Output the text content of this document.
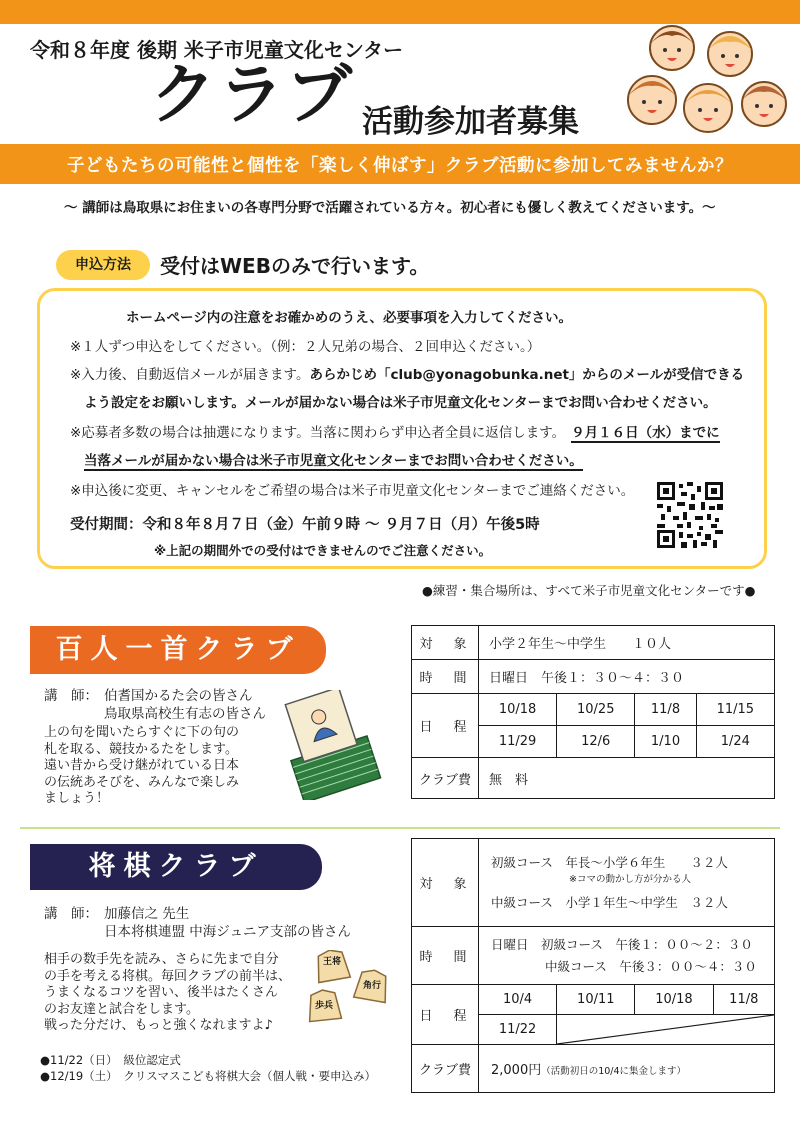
令和８年度 後期 米子市児童文化センター
クラブ 活動参加者募集
子どもたちの可能性と個性を「楽しく伸ばす」クラブ活動に参加してみませんか？
～ 講師は鳥取県にお住まいの各専門分野で活躍されている方々。初心者にも優しく教えてくださいます。～
申込方法	受付はWEBのみで行います。
ホームページ内の注意をお確かめのうえ、必要事項を入力してください。
※１人ずつ申込をしてください。（例：２人兄弟の場合、２回申込ください。）
※入力後、自動返信メールが届きます。あらかじめ「club@yonagobunka.net」からのメールが受信できる
よう設定をお願いします。メールが届かない場合は米子市児童文化センターまでお問い合わせください。
※応募者多数の場合は抽選になります。当落に関わらず申込者全員に返信します。 ９月１６日（水）までに
当落メールが届かない場合は米子市児童文化センターまでお問い合わせください。
※申込後に変更、キャンセルをご希望の場合は米子市児童文化センターまでご連絡ください。
受付期間：令和８年８月７日（金）午前９時 ～ ９月７日（月）午後5時
※上記の期間外での受付はできませんのでご注意ください。
●練習・集合場所は、すべて米子市児童文化センターです●
百人一首クラブ
講　師： 伯耆国かるた会の皆さん
鳥取県高校生有志の皆さん
上の句を聞いたらすぐに下の句の
札を取る、競技かるたをします。
遠い昔から受け継がれている日本
の伝統あそびを、みんなで楽しみ
ましょう！
対　象	小学２年生～中学生　　１０人			
時　間	日曜日　午後１：３０～４：３０			
日　程	10/18	10/25	11/8	11/15
	11/29	12/6	1/10	1/24
クラブ費	無　料			
将棋クラブ
講　師： 加藤信之 先生
日本将棋連盟 中海ジュニア支部の皆さん
相手の数手先を読み、さらに先まで自分
の手を考える将棋。毎回クラブの前半は、
うまくなるコツを習い、後半はたくさん
のお友達と試合をします。
戦った分だけ、もっと強くなれますよ♪
●11/22（日）　級位認定式
●12/19（土）　クリスマスこども将棋大会（個人戦・要申込み）
王将
角行
歩兵
対　象	初級コース　年長～小学６年生　　３２人
※コマの動かし方が分かる人
中級コース　小学１年生～中学生　３２人			

時　間	日曜日　初級コース　午後１：００～２：３０
中級コース　午後３：００～４：３０			

日　程	10/4	10/11	10/18	11/8
	11/22	

クラブ費	2,000円（活動初日の10/4に集金します）			
